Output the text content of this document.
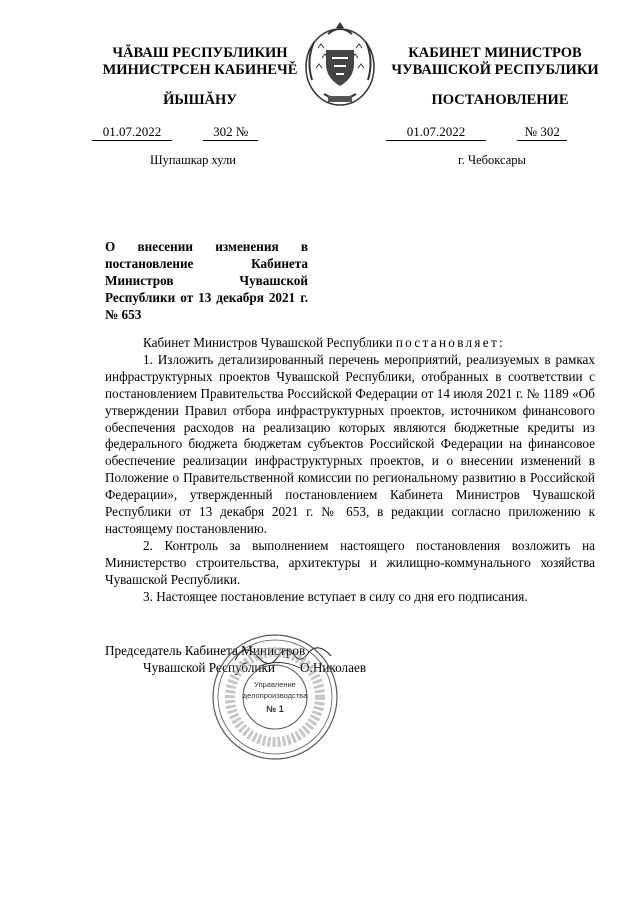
ЧĂВАШ РЕСПУБЛИКИН
МИНИСТРСЕН КАБИНЕЧĚ
КАБИНЕТ МИНИСТРОВ
ЧУВАШСКОЙ РЕСПУБЛИКИ
ЙЫШĂНУ	ПОСТАНОВЛЕНИЕ
01.07.2022	302 №	01.07.2022	№ 302
Шупашкар хули	г. Чебоксары
О внесении изменения в постановление Кабинета Министров Чувашской Республики от 13 декабря 2021 г. № 653

Кабинет Министров Чувашской Республики постановляет:

1. Изложить детализированный перечень мероприятий, реализуемых в рамках инфраструктурных проектов Чувашской Республики, отобранных в соответствии с постановлением Правительства Российской Федерации от 14 июля 2021 г. № 1189 «Об утверждении Правил отбора инфраструктурных проектов, источником финансового обеспечения расходов на реализацию которых являются бюджетные кредиты из федерального бюджета бюджетам субъектов Российской Федерации на финансовое обеспечение реализации инфраструктурных проектов, и о внесении изменений в Положение о Правительственной комиссии по региональному развитию в Российской Федерации», утвержденный постановлением Кабинета Министров Чувашской Республики от 13 декабря 2021 г. № 653, в редакции согласно приложению к настоящему постановлению.

2. Контроль за выполнением настоящего постановления возложить на Министерство строительства, архитектуры и жилищно-коммунального хозяйства Чувашской Республики.

3. Настоящее постановление вступает в силу со дня его подписания.

Председатель Кабинета Министров
Чувашской Республики О.Николаев
Управление
делопроизводства
№ 1
